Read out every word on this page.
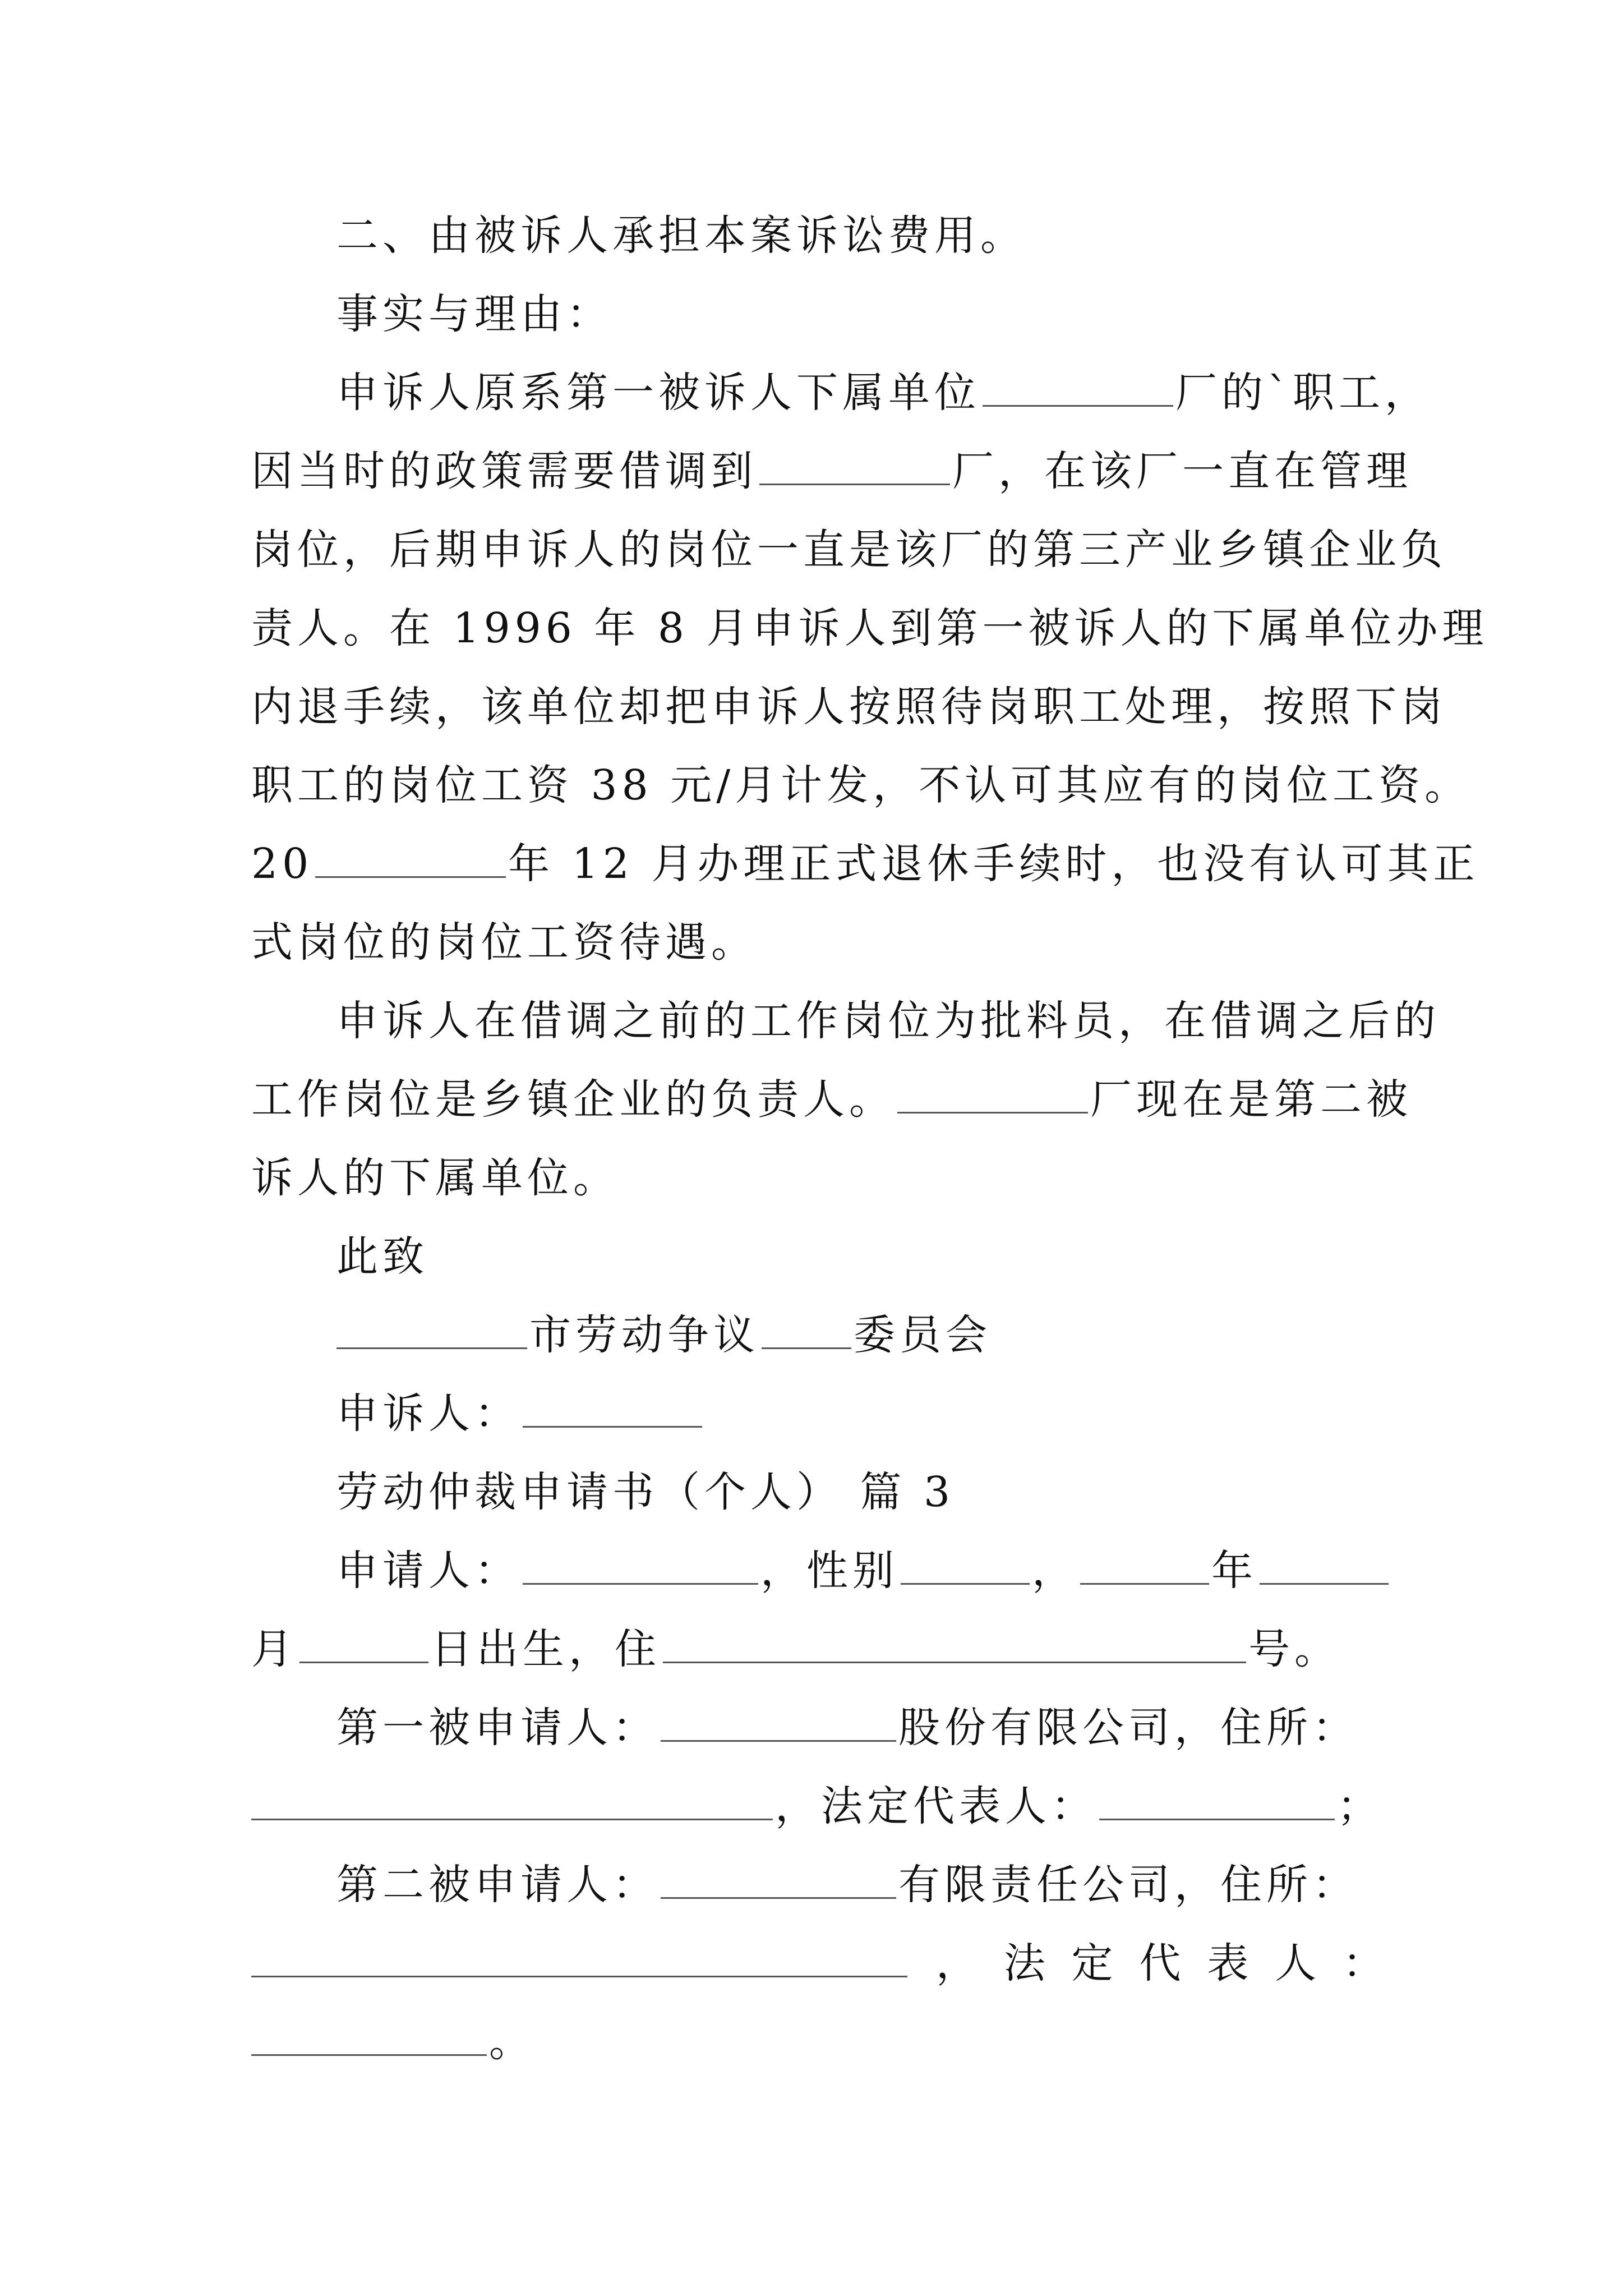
二、由被诉人承担本案诉讼费用。
事实与理由：
申诉人原系第一被诉人下属单位	厂的`职工，
因当时的政策需要借调到	厂，在该厂一直在管理
岗位，后期申诉人的岗位一直是该厂的第三产业乡镇企业负
责人。在 1996 年 8 月申诉人到第一被诉人的下属单位办理
内退手续，该单位却把申诉人按照待岗职工处理，按照下岗
职工的岗位工资 38 元/月计发，不认可其应有的岗位工资。
20	年 12 月办理正式退休手续时，也没有认可其正
式岗位的岗位工资待遇。
申诉人在借调之前的工作岗位为批料员，在借调之后的
工作岗位是乡镇企业的负责人。	厂现在是第二被
诉人的下属单位。
此致
市劳动争议 委员会
申诉人：
劳动仲裁申请书（个人） 篇 3
申请人：	，性别	，	年
月	日出生，住	号。
第一被申请人：	股份有限公司，住所：
，法定代表人：	；
第二被申请人：	有限责任公司，住所：
， 法 定 代 表 人 ：
。
